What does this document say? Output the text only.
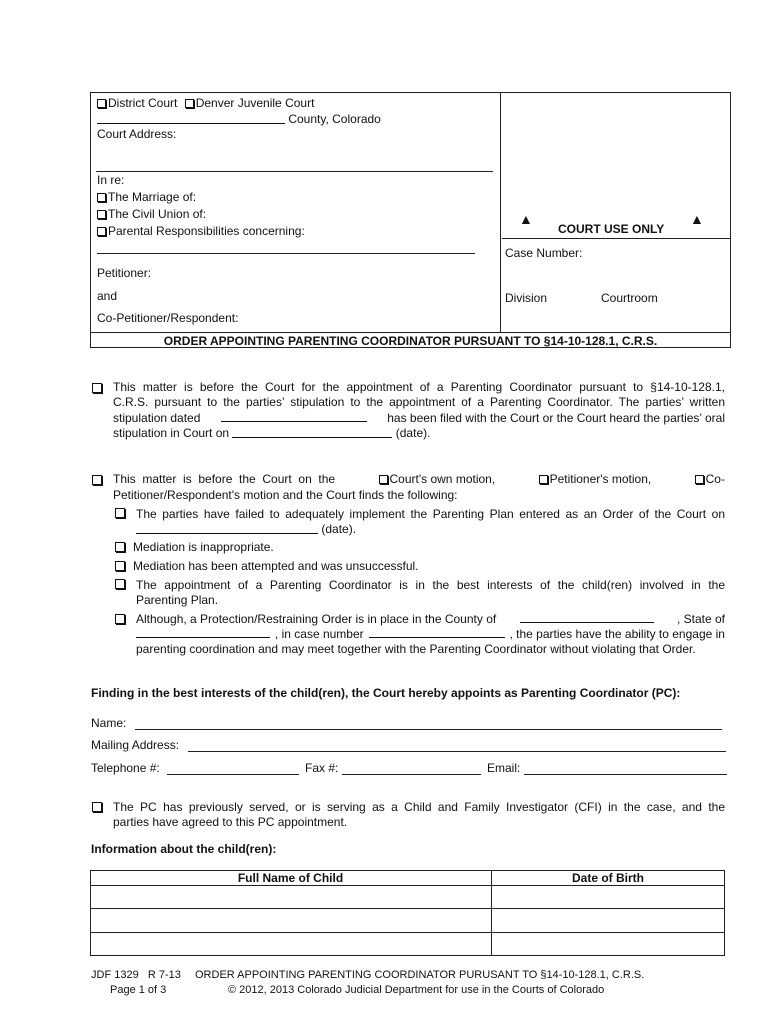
District Court Denver Juvenile Court
County, Colorado
Court Address:
In re:
The Marriage of:
The Civil Union of:
Parental Responsibilities concerning:
Petitioner:
and
Co-Petitioner/Respondent:
▲
COURT USE ONLY
▲
Case Number:
Division	Courtroom
ORDER APPOINTING PARENTING COORDINATOR PURSUANT TO §14-10-128.1, C.R.S.
This matter is before the Court for the appointment of a Parenting Coordinator pursuant to §14-10-128.1,
C.R.S. pursuant to the parties’ stipulation to the appointment of a Parenting Coordinator. The parties’ written
stipulation dated	has been filed with the Court or the Court heard the parties’ oral
stipulation in Court on	(date).
This  matter  is  before  the  Court  on  the	Court's own motion,	Petitioner's motion,	Co-
Petitioner/Respondent's motion and the Court finds the following:
The parties have failed to adequately implement the Parenting Plan entered as an Order of the Court on
(date).
Mediation is inappropriate.
Mediation has been attempted and was unsuccessful.
The appointment of a Parenting Coordinator is in the best interests of the child(ren) involved in the
Parenting Plan.
Although, a Protection/Restraining Order is in place in the County of	, State of
, in case number	, the parties have the ability to engage in
parenting coordination and may meet together with the Parenting Coordinator without violating that Order.
Finding in the best interests of the child(ren), the Court hereby appoints as Parenting Coordinator (PC):
Name:
Mailing Address:
Telephone #:	Fax #:	Email:
The PC has previously served, or is serving as a Child and Family Investigator (CFI) in the case, and the
parties have agreed to this PC appointment.
Information about the child(ren):
Full Name of Child	Date of Birth
JDF 1329   R 7-13 ORDER APPOINTING PARENTING COORDINATOR PURUSANT TO §14-10-128.1, C.R.S.
Page 1 of 3	© 2012, 2013 Colorado Judicial Department for use in the Courts of Colorado
